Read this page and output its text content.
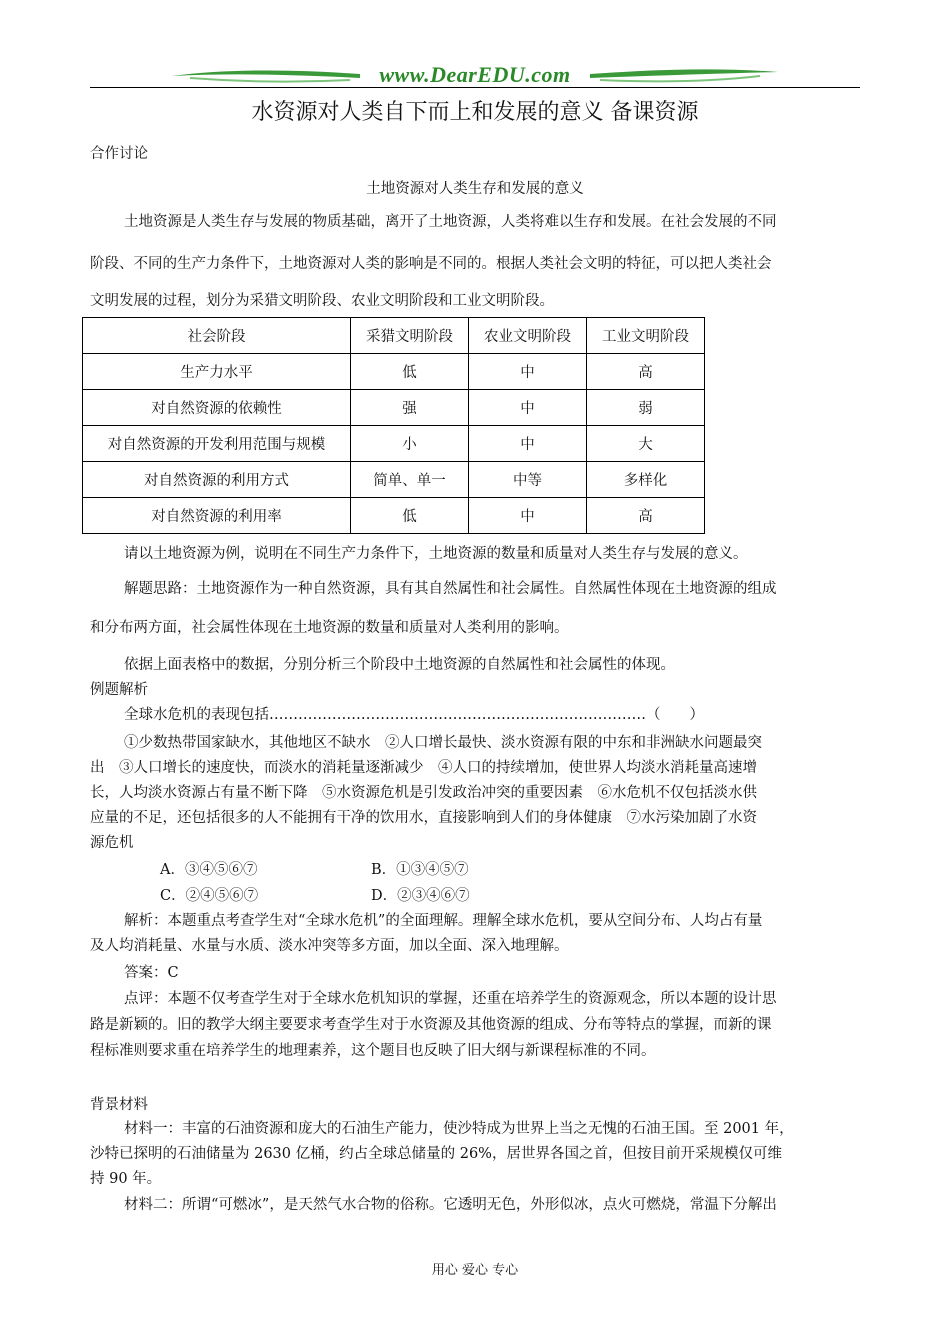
www.DearEDU.com
水资源对人类自下而上和发展的意义 备课资源
合作讨论
土地资源对人类生存和发展的意义
土地资源是人类生存与发展的物质基础，离开了土地资源，人类将难以生存和发展。在社会发展的不同
阶段、不同的生产力条件下，土地资源对人类的影响是不同的。根据人类社会文明的特征，可以把人类社会
文明发展的过程，划分为采猎文明阶段、农业文明阶段和工业文明阶段。
社会阶段	采猎文明阶段	农业文明阶段	工业文明阶段
生产力水平	低	中	高
对自然资源的依赖性	强	中	弱
对自然资源的开发利用范围与规模	小	中	大
对自然资源的利用方式	简单、单一	中等	多样化
对自然资源的利用率	低	中	高
请以土地资源为例，说明在不同生产力条件下，土地资源的数量和质量对人类生存与发展的意义。
解题思路：土地资源作为一种自然资源，具有其自然属性和社会属性。自然属性体现在土地资源的组成
和分布两方面，社会属性体现在土地资源的数量和质量对人类利用的影响。
依据上面表格中的数据，分别分析三个阶段中土地资源的自然属性和社会属性的体现。
例题解析
全球水危机的表现包括……………………………………………………………………（　　）
①少数热带国家缺水，其他地区不缺水　②人口增长最快、淡水资源有限的中东和非洲缺水问题最突
出　③人口增长的速度快，而淡水的消耗量逐渐减少　④人口的持续增加，使世界人均淡水消耗量高速增
长，人均淡水资源占有量不断下降　⑤水资源危机是引发政治冲突的重要因素　⑥水危机不仅包括淡水供
应量的不足，还包括很多的人不能拥有干净的饮用水，直接影响到人们的身体健康　⑦水污染加剧了水资
源危机
A．③④⑤⑥⑦	B．①③④⑤⑦
C．②④⑤⑥⑦	D．②③④⑥⑦
解析：本题重点考查学生对“全球水危机”的全面理解。理解全球水危机，要从空间分布、人均占有量
及人均消耗量、水量与水质、淡水冲突等多方面，加以全面、深入地理解。
答案：C
点评：本题不仅考查学生对于全球水危机知识的掌握，还重在培养学生的资源观念，所以本题的设计思
路是新颖的。旧的教学大纲主要要求考查学生对于水资源及其他资源的组成、分布等特点的掌握，而新的课
程标准则要求重在培养学生的地理素养，这个题目也反映了旧大纲与新课程标准的不同。
背景材料
材料一：丰富的石油资源和庞大的石油生产能力，使沙特成为世界上当之无愧的石油王国。至 2001 年，
沙特已探明的石油储量为 2630 亿桶，约占全球总储量的 26%，居世界各国之首，但按目前开采规模仅可维
持 90 年。
材料二：所谓“可燃冰”，是天然气水合物的俗称。它透明无色，外形似冰，点火可燃烧，常温下分解出
用心 爱心 专心
